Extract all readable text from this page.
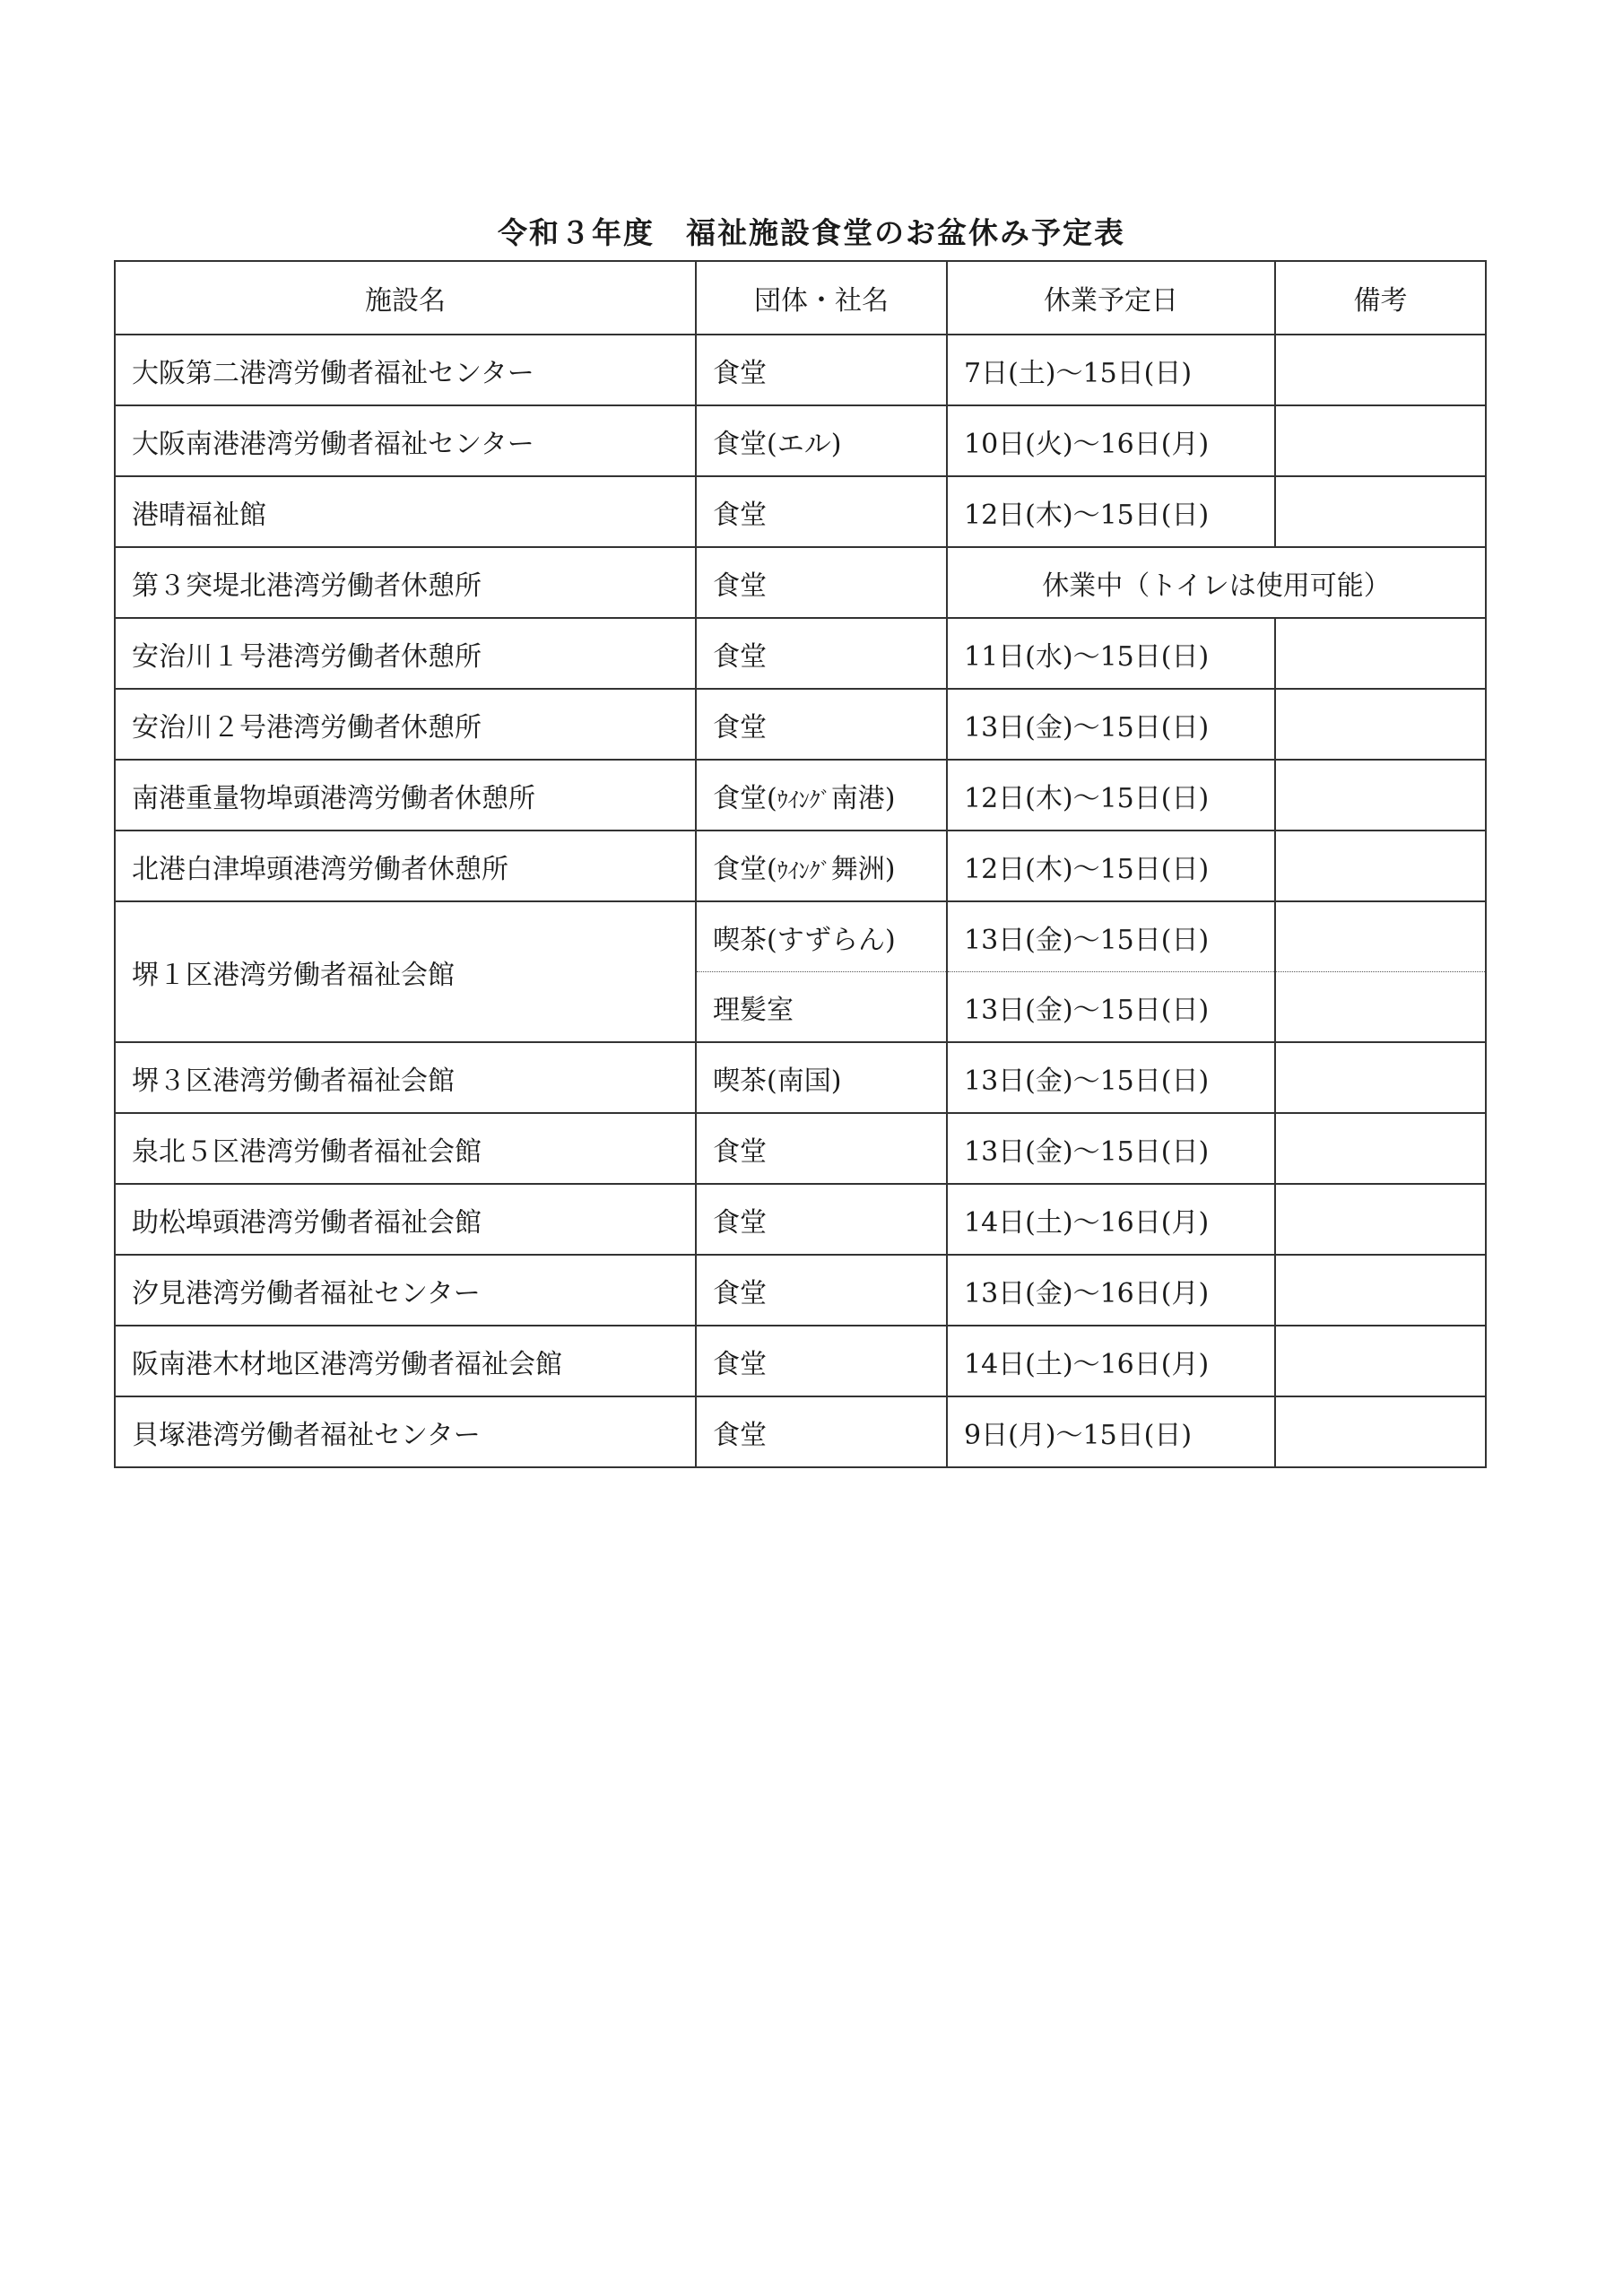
令和３年度　福祉施設食堂のお盆休み予定表
施設名	団体・社名	休業予定日	備考
大阪第二港湾労働者福祉センター	食堂	7日(土)～15日(日)	
大阪南港港湾労働者福祉センター	食堂(エル)	10日(火)～16日(月)	
港晴福祉館	食堂	12日(木)～15日(日)	
第３突堤北港湾労働者休憩所	食堂	休業中（トイレは使用可能）	
安治川１号港湾労働者休憩所	食堂	11日(水)～15日(日)	
安治川２号港湾労働者休憩所	食堂	13日(金)～15日(日)	
南港重量物埠頭港湾労働者休憩所	食堂(ｳｲﾝｸﾞ南港)	12日(木)～15日(日)	
北港白津埠頭港湾労働者休憩所	食堂(ｳｲﾝｸﾞ舞洲)	12日(木)～15日(日)	
堺１区港湾労働者福祉会館	喫茶(すずらん)	13日(金)～15日(日)	
	理髪室	13日(金)～15日(日)	
堺３区港湾労働者福祉会館	喫茶(南国)	13日(金)～15日(日)	
泉北５区港湾労働者福祉会館	食堂	13日(金)～15日(日)	
助松埠頭港湾労働者福祉会館	食堂	14日(土)～16日(月)	
汐見港湾労働者福祉センター	食堂	13日(金)～16日(月)	
阪南港木材地区港湾労働者福祉会館	食堂	14日(土)～16日(月)	
貝塚港湾労働者福祉センター	食堂	9日(月)～15日(日)	
